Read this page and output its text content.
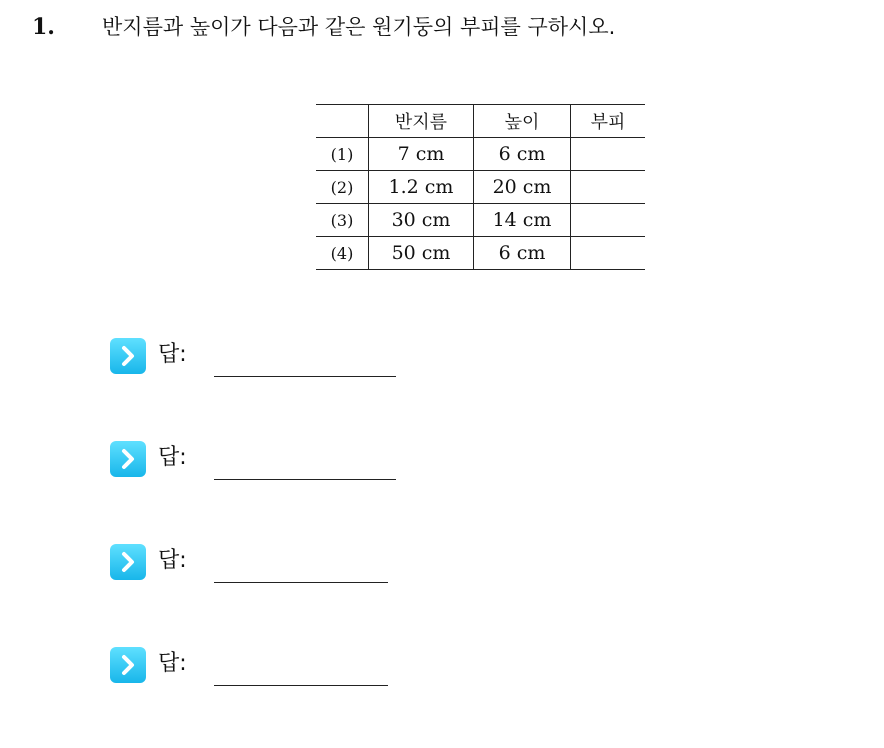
1. 반지름과 높이가 다음과 같은 원기둥의 부피를 구하시오.
	반지름	높이	부피
(1)	7 cm	6 cm	
(2)	1.2 cm	20 cm	
(3)	30 cm	14 cm	
(4)	50 cm	6 cm	
답:
답:
답:
답:
